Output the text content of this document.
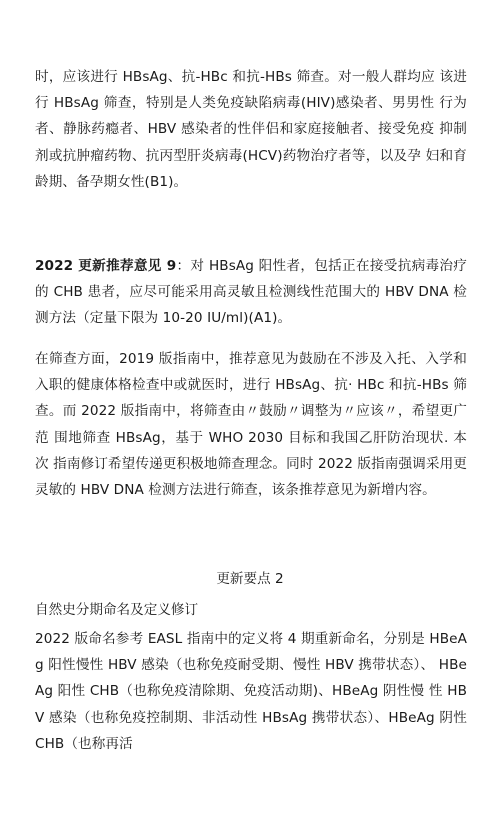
时，应该进行 HBsAg、抗-HBc 和抗-HBs 筛查。对一般人群均应 该进行 HBsAg 筛查，特别是人类免疫缺陷病毒(HIV)感染者、男男性 行为者、静脉药瘾者、HBV 感染者的性伴侣和家庭接触者、接受免疫 抑制剂或抗肿瘤药物、抗丙型肝炎病毒(HCV)药物治疗者等，以及孕 妇和育龄期、备孕期女性(B1)。

2022 更新推荐意见 9：对 HBsAg 阳性者，包括正在接受抗病毒治疗 的 CHB 患者，应尽可能采用高灵敏且检测线性范围大的 HBV DNA 检测方法（定量下限为 10-20 IU/ml)(A1)。

在筛查方面，2019 版指南中，推荐意见为鼓励在不涉及入托、入学和 入职的健康体格检查中或就医时，进行 HBsAg、抗· HBc 和抗-HBs 筛查。而 2022 版指南中，将筛查由〃鼓励〃调整为〃应该〃，希望更广范 围地筛查 HBsAg，基于 WHO 2030 目标和我国乙肝防治现状. 本次 指南修订希望传递更积极地筛查理念。同时 2022 版指南强调采用更 灵敏的 HBV DNA 检测方法进行筛查，该条推荐意见为新增内容。

更新要点 2

自然史分期命名及定义修订

2022 版命名参考 EASL 指南中的定义将 4 期重新命名，分别是 HBeAg 阳性慢性 HBV 感染（也称免疫耐受期、慢性 HBV 携带状态）、 HBeAg 阳性 CHB（也称免疫清除期、免疫活动期)、HBeAg 阴性慢 性 HBV 感染（也称免疫控制期、非活动性 HBsAg 携带状态）、HBeAg 阴性 CHB（也称再活
